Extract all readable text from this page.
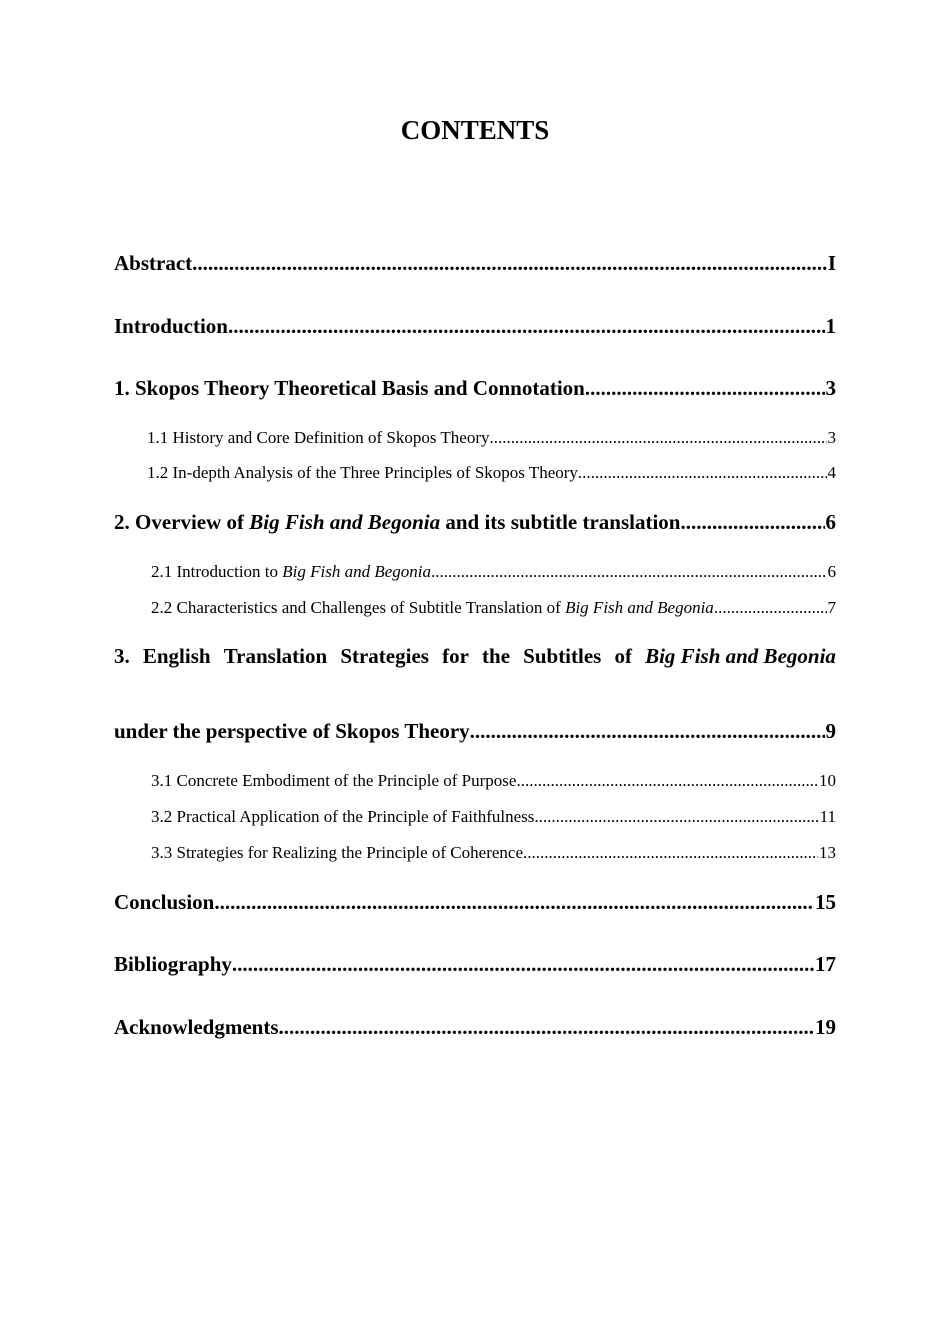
CONTENTS
Abstract .....	I
Introduction .....	1
1. Skopos Theory Theoretical Basis and Connotation .....	3
1.1 History and Core Definition of Skopos Theory .....	3
1.2 In-depth Analysis of the Three Principles of Skopos Theory .....	4
2. Overview of Big Fish and Begonia and its subtitle translation .....	6
2.1 Introduction to Big Fish and Begonia .....	6
2.2 Characteristics and Challenges of Subtitle Translation of Big Fish and Begonia .....	7
3. English Translation Strategies for the Subtitles of Big Fish and Begonia
under the perspective of Skopos Theory .....	9
3.1 Concrete Embodiment of the Principle of Purpose .....	10
3.2 Practical Application of the Principle of Faithfulness .....	11
3.3 Strategies for Realizing the Principle of Coherence .....	13
Conclusion .....	15
Bibliography .....	17
Acknowledgments .....	19
